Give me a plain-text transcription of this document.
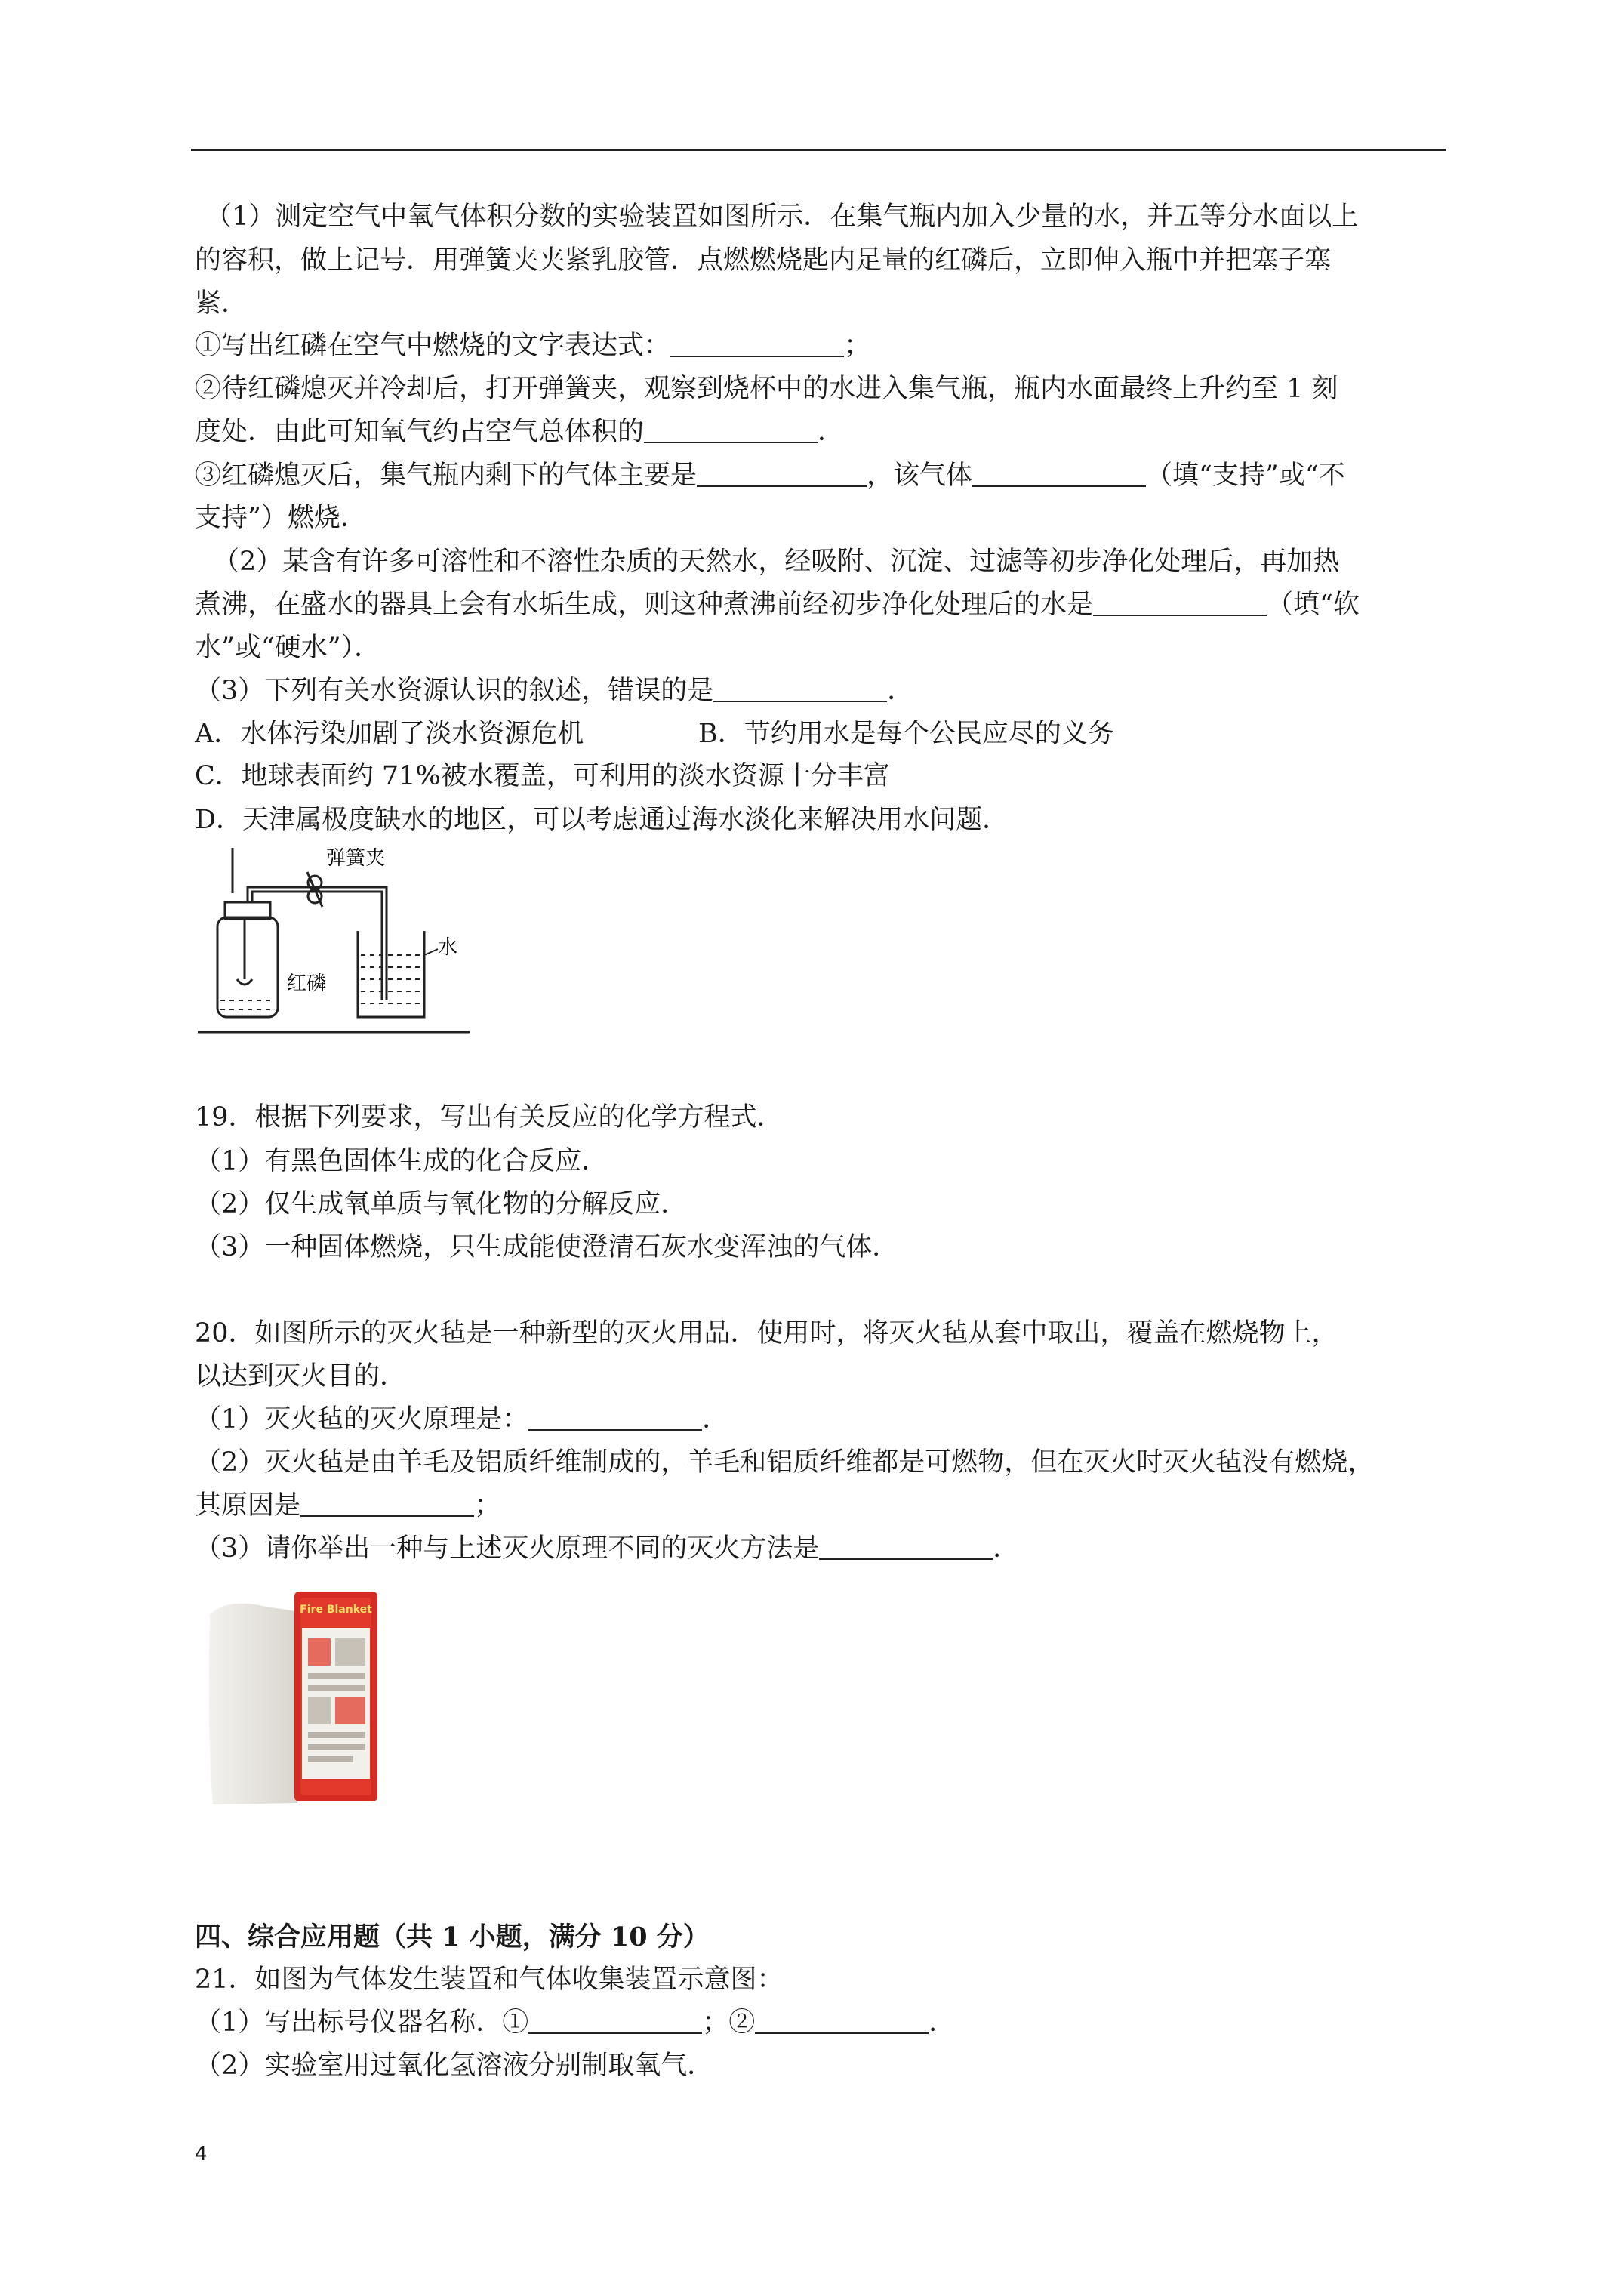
（1）测定空气中氧气体积分数的实验装置如图所示．在集气瓶内加入少量的水，并五等分水面以上
的容积，做上记号．用弹簧夹夹紧乳胶管．点燃燃烧匙内足量的红磷后，立即伸入瓶中并把塞子塞
紧．
①写出红磷在空气中燃烧的文字表达式：	；
②待红磷熄灭并冷却后，打开弹簧夹，观察到烧杯中的水进入集气瓶，瓶内水面最终上升约至 1 刻
度处．由此可知氧气约占空气总体积的	．
③红磷熄灭后，集气瓶内剩下的气体主要是	，该气体	（填“支持”或“不
支持”）燃烧．
（2）某含有许多可溶性和不溶性杂质的天然水，经吸附、沉淀、过滤等初步净化处理后，再加热
煮沸，在盛水的器具上会有水垢生成，则这种煮沸前经初步净化处理后的水是	（填“软
水”或“硬水”）．
（3）下列有关水资源认识的叙述，错误的是	．
A．水体污染加剧了淡水资源危机	B．节约用水是每个公民应尽的义务
C．地球表面约 71%被水覆盖，可利用的淡水资源十分丰富
D．天津属极度缺水的地区，可以考虑通过海水淡化来解决用水问题．
弹簧夹
红磷
水
19．根据下列要求，写出有关反应的化学方程式．
（1）有黑色固体生成的化合反应．
（2）仅生成氧单质与氧化物的分解反应．
（3）一种固体燃烧，只生成能使澄清石灰水变浑浊的气体．
20．如图所示的灭火毡是一种新型的灭火用品．使用时，将灭火毡从套中取出，覆盖在燃烧物上，
以达到灭火目的．
（1）灭火毡的灭火原理是：	．
（2）灭火毡是由羊毛及铝质纤维制成的，羊毛和铝质纤维都是可燃物，但在灭火时灭火毡没有燃烧，
其原因是	；
（3）请你举出一种与上述灭火原理不同的灭火方法是	．
Fire Blanket
四、综合应用题（共 1 小题，满分 10 分）
21．如图为气体发生装置和气体收集装置示意图：
（1）写出标号仪器名称．①	；②	．
（2）实验室用过氧化氢溶液分别制取氧气．
4
